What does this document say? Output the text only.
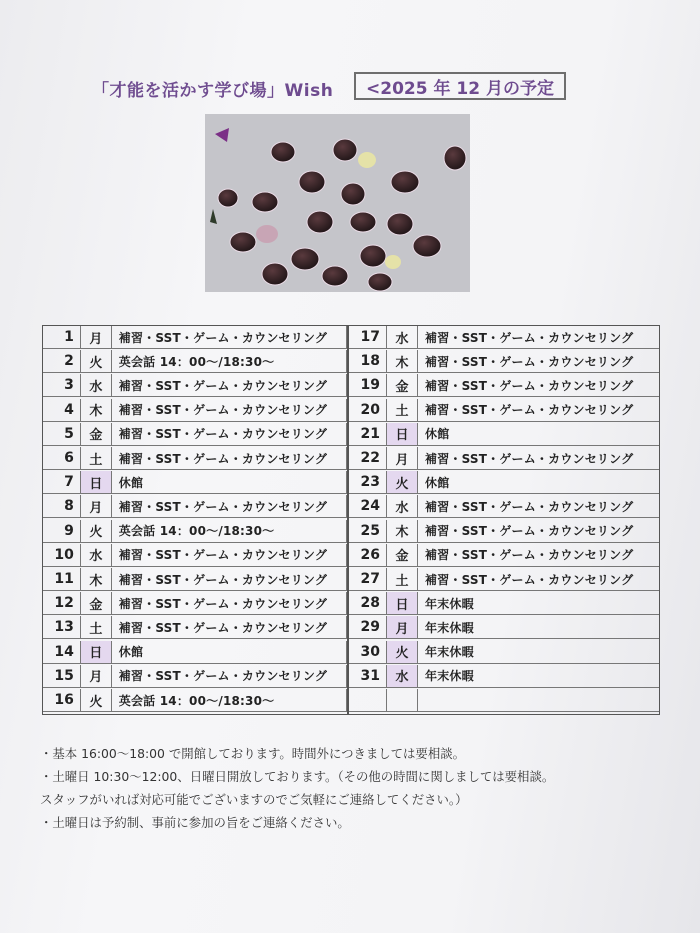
「才能を活かす学び場」Wish	<2025 年 12 月の予定
1	月	補習・SST・ゲーム・カウンセリング
2	火	英会話 14：00～/18:30～
3	水	補習・SST・ゲーム・カウンセリング
4	木	補習・SST・ゲーム・カウンセリング
5	金	補習・SST・ゲーム・カウンセリング
6	土	補習・SST・ゲーム・カウンセリング
7	日	休館
8	月	補習・SST・ゲーム・カウンセリング
9	火	英会話 14：00～/18:30～
10	水	補習・SST・ゲーム・カウンセリング
11	木	補習・SST・ゲーム・カウンセリング
12	金	補習・SST・ゲーム・カウンセリング
13	土	補習・SST・ゲーム・カウンセリング
14	日	休館
15	月	補習・SST・ゲーム・カウンセリング
16	火	英会話 14：00～/18:30～
17	水	補習・SST・ゲーム・カウンセリング
18	木	補習・SST・ゲーム・カウンセリング
19	金	補習・SST・ゲーム・カウンセリング
20	土	補習・SST・ゲーム・カウンセリング
21	日	休館
22	月	補習・SST・ゲーム・カウンセリング
23	火	休館
24	水	補習・SST・ゲーム・カウンセリング
25	木	補習・SST・ゲーム・カウンセリング
26	金	補習・SST・ゲーム・カウンセリング
27	土	補習・SST・ゲーム・カウンセリング
28	日	年末休暇
29	月	年末休暇
30	火	年末休暇
31	水	年末休暇

・基本 16:00～18:00 で開館しております。時間外につきましては要相談。

・土曜日 10:30～12:00、日曜日開放しております。（その他の時間に関しましては要相談。

スタッフがいれば対応可能でございますのでご気軽にご連絡してください。）

・土曜日は予約制、事前に参加の旨をご連絡ください。
